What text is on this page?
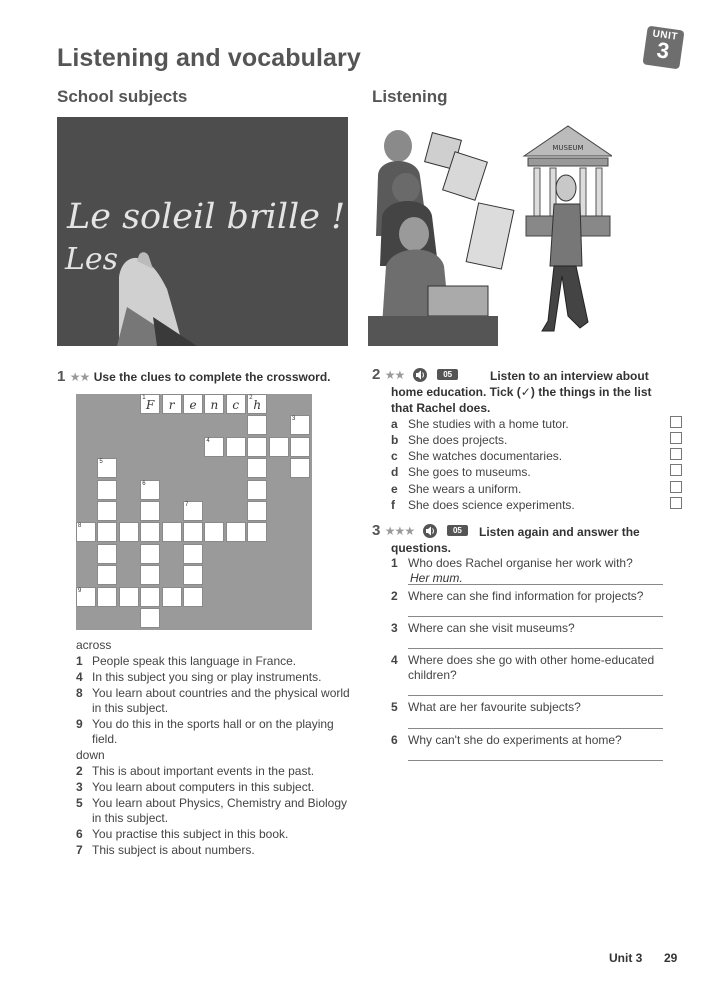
Listening and vocabulary
UNIT
3
School subjects	Listening
Le soleil brille !
Les
MUSEUM
1 ★★ Use the clues to complete the crossword.
1 F	r	e	n	c	2 h
3
4
5
6
7
8
9
across
1 People speak this language in France.
4 In this subject you sing or play instruments.
8 You learn about countries and the physical world in this subject.
9 You do this in the sports hall or on the playing field.
down
2 This is about important events in the past.
3 You learn about computers in this subject.
5 You learn about Physics, Chemistry and Biology in this subject.
6 You practise this subject in this book.
7 This subject is about numbers.
2 ★★	05	Listen to an interview about home education. Tick (✓) the things in the list that Rachel does.
a She studies with a home tutor.
b She does projects.
c She watches documentaries.
d She goes to museums.
e She wears a uniform.
f She does science experiments.
3 ★★★	05	Listen again and answer the questions.
1 Who does Rachel organise her work with?
Her mum.
2 Where can she find information for projects?
3 Where can she visit museums?
4 Where does she go with other home-educated children?
5 What are her favourite subjects?
6 Why can't she do experiments at home?
Unit 3 29
